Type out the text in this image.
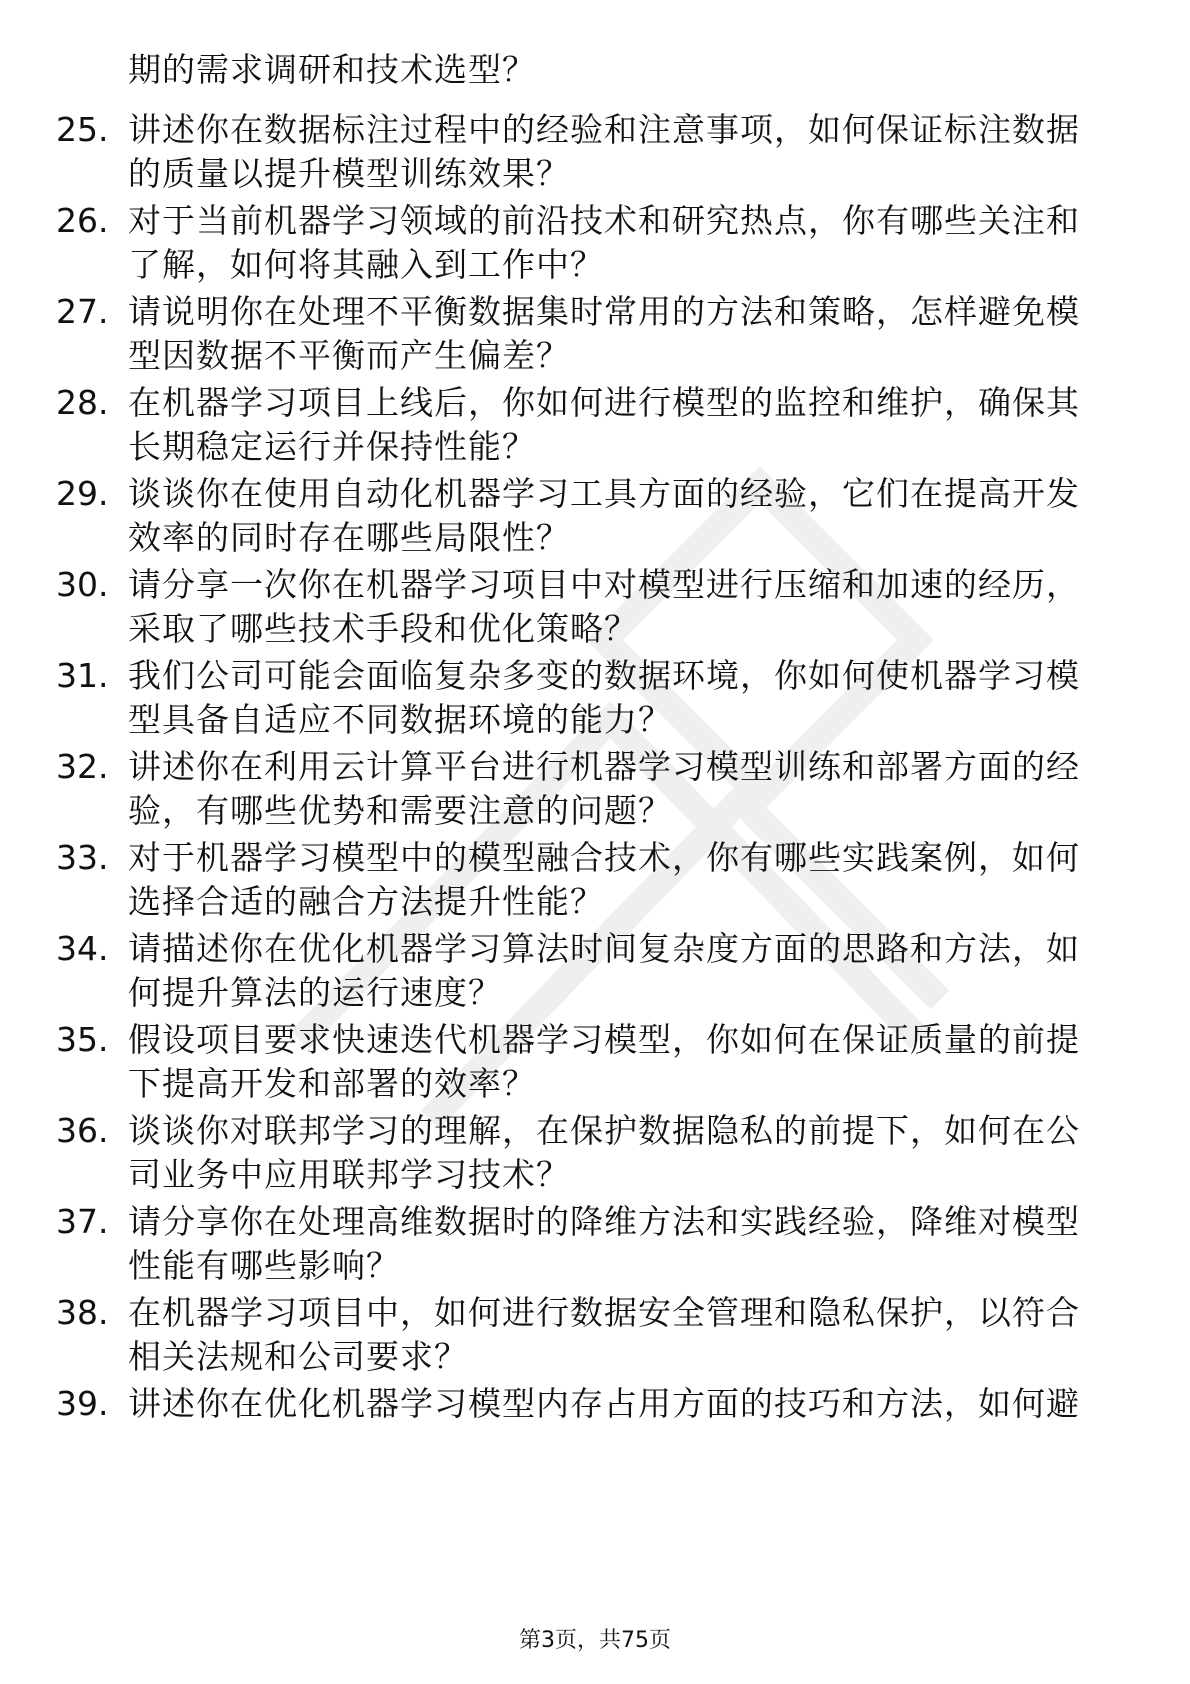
期的需求调研和技术选型？
25. 讲述你在数据标注过程中的经验和注意事项，如何保证标注数据
的质量以提升模型训练效果？
26. 对于当前机器学习领域的前沿技术和研究热点，你有哪些关注和
了解，如何将其融入到工作中？
27. 请说明你在处理不平衡数据集时常用的方法和策略，怎样避免模
型因数据不平衡而产生偏差？
28. 在机器学习项目上线后，你如何进行模型的监控和维护，确保其
长期稳定运行并保持性能？
29. 谈谈你在使用自动化机器学习工具方面的经验，它们在提高开发
效率的同时存在哪些局限性？
30. 请分享一次你在机器学习项目中对模型进行压缩和加速的经历，
采取了哪些技术手段和优化策略？
31. 我们公司可能会面临复杂多变的数据环境，你如何使机器学习模
型具备自适应不同数据环境的能力？
32. 讲述你在利用云计算平台进行机器学习模型训练和部署方面的经
验，有哪些优势和需要注意的问题？
33. 对于机器学习模型中的模型融合技术，你有哪些实践案例，如何
选择合适的融合方法提升性能？
34. 请描述你在优化机器学习算法时间复杂度方面的思路和方法，如
何提升算法的运行速度？
35. 假设项目要求快速迭代机器学习模型，你如何在保证质量的前提
下提高开发和部署的效率？
36. 谈谈你对联邦学习的理解，在保护数据隐私的前提下，如何在公
司业务中应用联邦学习技术？
37. 请分享你在处理高维数据时的降维方法和实践经验，降维对模型
性能有哪些影响？
38. 在机器学习项目中，如何进行数据安全管理和隐私保护，以符合
相关法规和公司要求？
39. 讲述你在优化机器学习模型内存占用方面的技巧和方法，如何避
第3页，共75页
